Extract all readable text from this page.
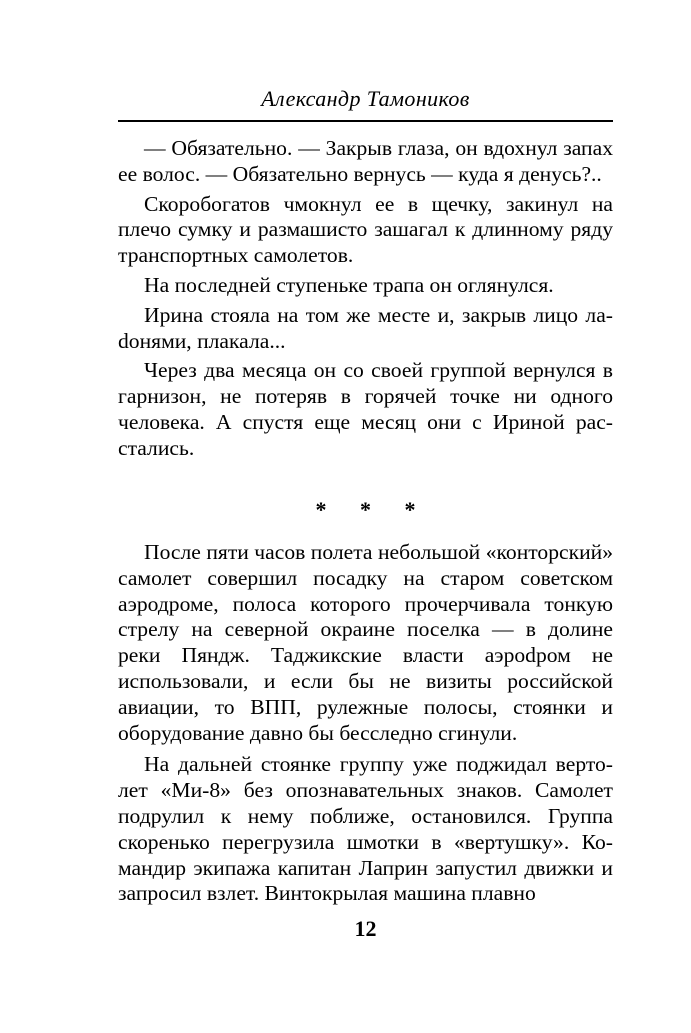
Александр Тамоников

— Обязательно. — Закрыв глаза, он вдохнул запах ее волос. — Обязательно вернусь — куда я денусь?..

Скоробогатов чмокнул ее в щечку, закинул на плечо сумку и размашисто зашагал к длинному ряду транспортных самолетов.

На последней ступеньке трапа он оглянулся.

Ирина стояла на том же месте и, закрыв лицо лаdонями, плакала...

Через два месяца он со своей группой вернулся в гарнизон, не потеряв в горячей точке ни одного человека. А спустя еще месяц они с Ириной расстались.

* * *

После пяти часов полета небольшой «конторский» самолет совершил посадку на старом советском аэродроме, полоса которого прочерчивала тонкую стрелу на северной окраине поселка — в долине реки Пяндж. Таджикские власти аэроdром не использовали, и если бы не визиты российской авиации, то ВПП, рулежные полосы, стоянки и оборудование давно бы бесследно сгинули.

На дальней стоянке группу уже поджидал вертолет «Ми-8» без опознавательных знаков. Самолет подрулил к нему поближе, остановился. Группа скоренько перегрузила шмотки в «вертушку». Командир экипажа капитан Лаприн запустил движки и запросил взлет. Винтокрылая машина плавно

12
